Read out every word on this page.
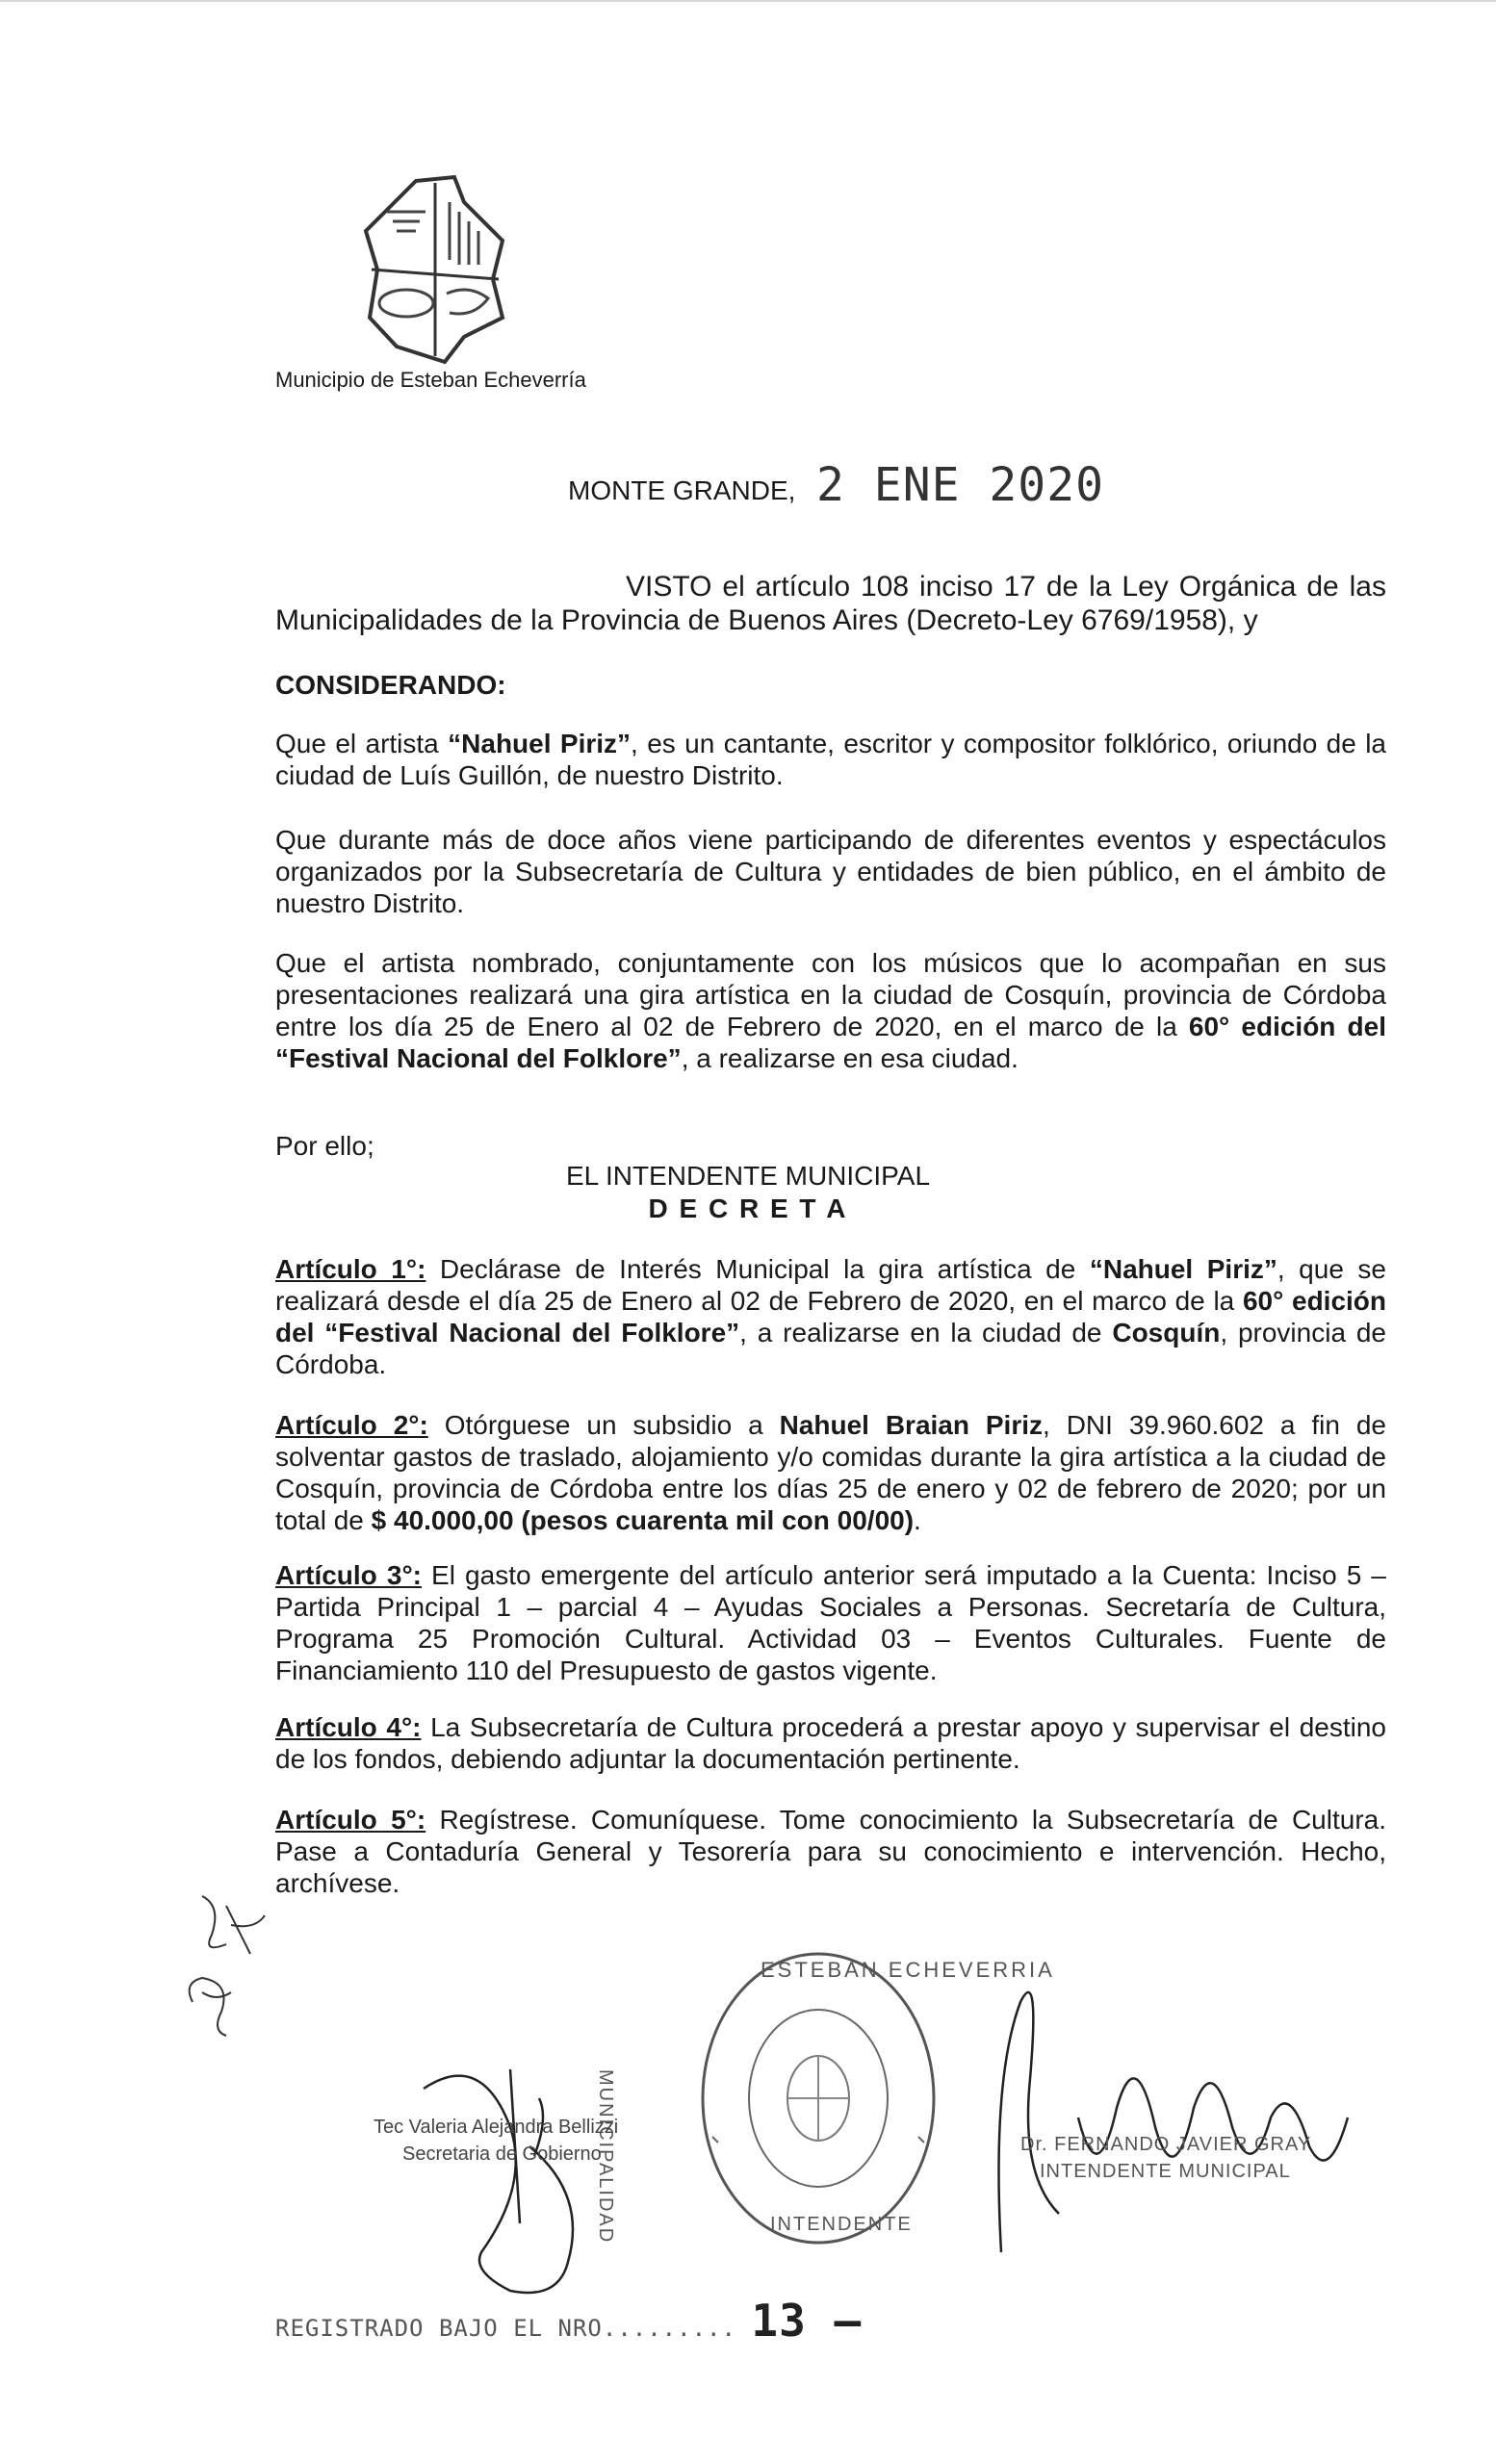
Municipio de Esteban Echeverría
MONTE GRANDE, 2 ENE 2020
VISTO el artículo 108 inciso 17 de la Ley Orgánica de las Municipalidades de la Provincia de Buenos Aires (Decreto-Ley 6769/1958), y
CONSIDERANDO:
Que el artista “Nahuel Piriz”, es un cantante, escritor y compositor folklórico, oriundo de la ciudad de Luís Guillón, de nuestro Distrito.
Que durante más de doce años viene participando de diferentes eventos y espectáculos organizados por la Subsecretaría de Cultura y entidades de bien público, en el ámbito de nuestro Distrito.
Que el artista nombrado, conjuntamente con los músicos que lo acompañan en sus presentaciones realizará una gira artística en la ciudad de Cosquín, provincia de Córdoba entre los día 25 de Enero al 02 de Febrero de 2020, en el marco de la 60° edición del “Festival Nacional del Folklore”, a realizarse en esa ciudad.
Por ello;
EL INTENDENTE MUNICIPAL
D E C R E T A
Artículo 1°: Declárase de Interés Municipal la gira artística de “Nahuel Piriz”, que se realizará desde el día 25 de Enero al 02 de Febrero de 2020, en el marco de la 60° edición del “Festival Nacional del Folklore”, a realizarse en la ciudad de Cosquín, provincia de Córdoba.
Artículo 2°: Otórguese un subsidio a Nahuel Braian Piriz, DNI 39.960.602 a fin de solventar gastos de traslado, alojamiento y/o comidas durante la gira artística a la ciudad de Cosquín, provincia de Córdoba entre los días 25 de enero y 02 de febrero de 2020; por un total de $ 40.000,00 (pesos cuarenta mil con 00/00).
Artículo 3°: El gasto emergente del artículo anterior será imputado a la Cuenta: Inciso 5 – Partida Principal 1 – parcial 4 – Ayudas Sociales a Personas. Secretaría de Cultura, Programa 25 Promoción Cultural. Actividad 03 – Eventos Culturales. Fuente de Financiamiento 110 del Presupuesto de gastos vigente.
Artículo 4°: La Subsecretaría de Cultura procederá a prestar apoyo y supervisar el destino de los fondos, debiendo adjuntar la documentación pertinente.
Artículo 5°: Regístrese. Comuníquese. Tome conocimiento la Subsecretaría de Cultura. Pase a Contaduría General y Tesorería para su conocimiento e intervención. Hecho, archívese.
ESTEBAN ECHEVERRIA
MUNICIPALIDAD	INTENDENTE
Tec Valeria Alejandra Bellizzi
Secretaria de Gobierno	Dr. FERNANDO JAVIER GRAY
INTENDENTE MUNICIPAL
REGISTRADO BAJO EL NRO......... 13 –
